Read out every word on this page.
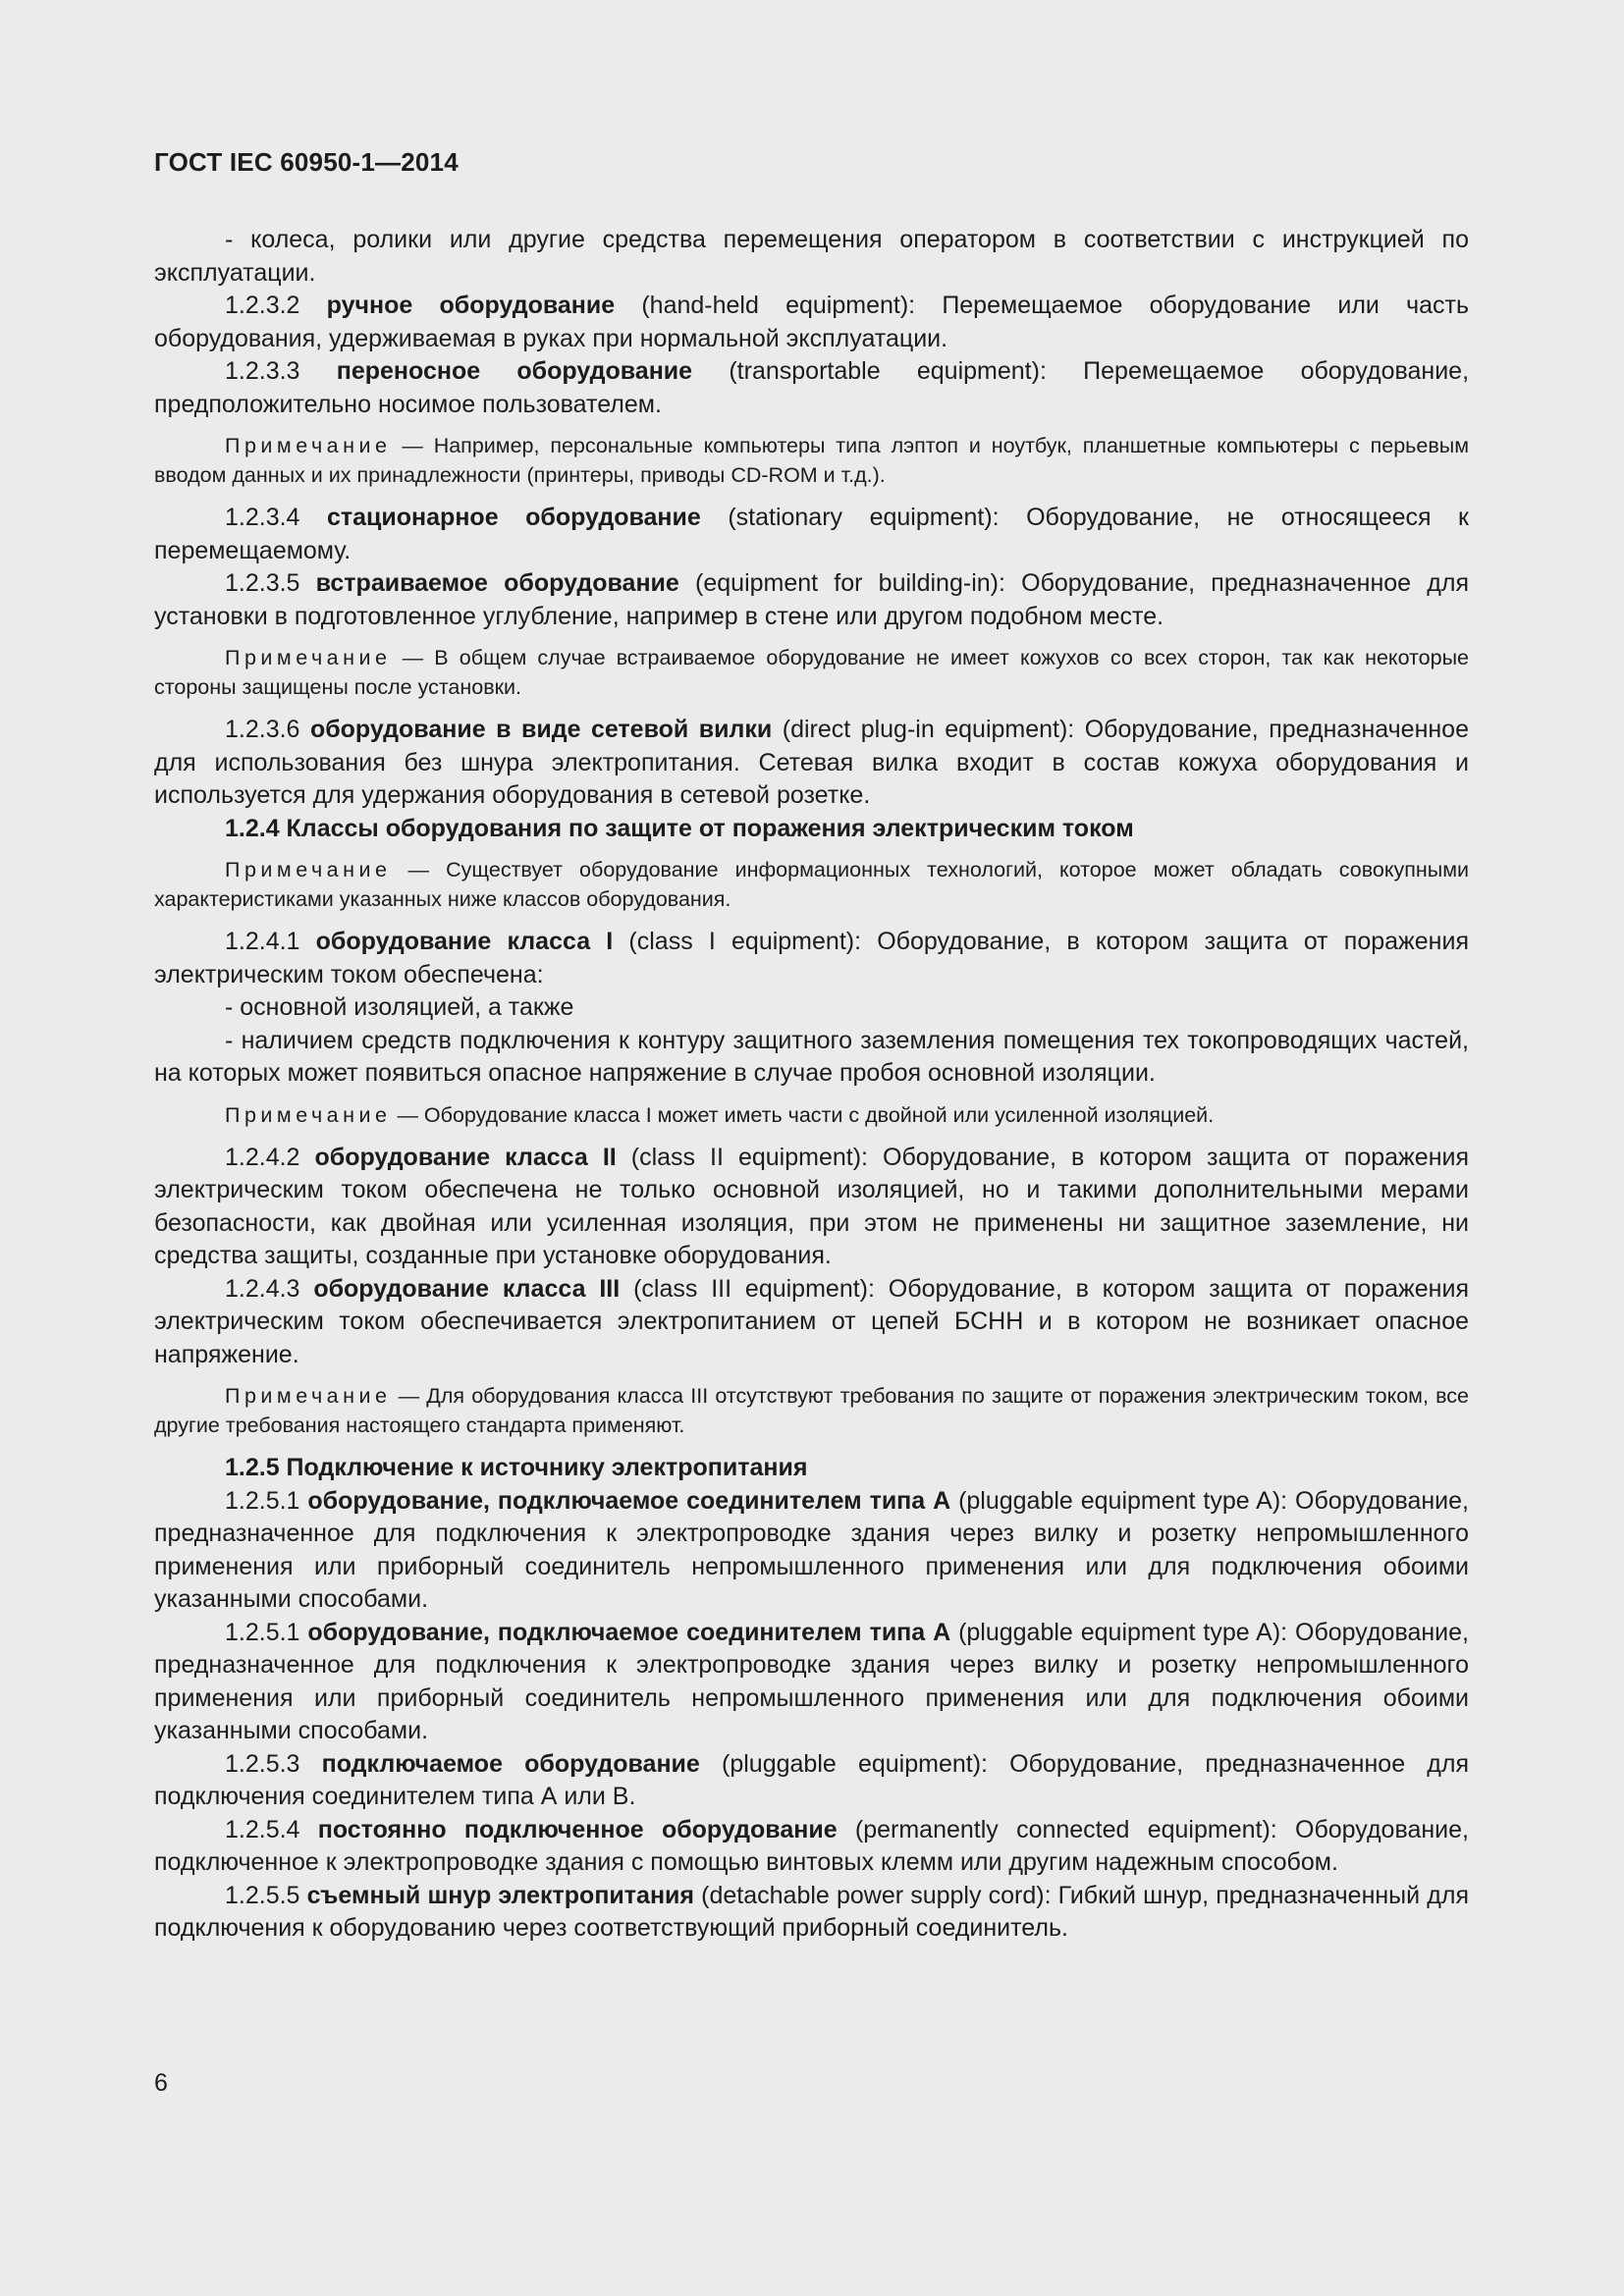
ГОСТ IEC 60950-1—2014
- колеса, ролики или другие средства перемещения оператором в соответствии с инструкцией по эксплуатации.
1.2.3.2 ручное оборудование (hand-held equipment): Перемещаемое оборудование или часть оборудования, удерживаемая в руках при нормальной эксплуатации.
1.2.3.3 переносное оборудование (transportable equipment): Перемещаемое оборудование, предположительно носимое пользователем.
Примечание — Например, персональные компьютеры типа лэптоп и ноутбук, планшетные компьютеры с перьевым вводом данных и их принадлежности (принтеры, приводы CD-ROM и т.д.).
1.2.3.4 стационарное оборудование (stationary equipment): Оборудование, не относящееся к перемещаемому.
1.2.3.5 встраиваемое оборудование (equipment for building-in): Оборудование, предназначенное для установки в подготовленное углубление, например в стене или другом подобном месте.
Примечание — В общем случае встраиваемое оборудование не имеет кожухов со всех сторон, так как некоторые стороны защищены после установки.
1.2.3.6 оборудование в виде сетевой вилки (direct plug-in equipment): Оборудование, предназначенное для использования без шнура электропитания. Сетевая вилка входит в состав кожуха оборудования и используется для удержания оборудования в сетевой розетке.
1.2.4 Классы оборудования по защите от поражения электрическим током
Примечание — Существует оборудование информационных технологий, которое может обладать совокупными характеристиками указанных ниже классов оборудования.
1.2.4.1 оборудование класса I (class I equipment): Оборудование, в котором защита от поражения электрическим током обеспечена:
- основной изоляцией, а также
- наличием средств подключения к контуру защитного заземления помещения тех токопроводящих частей, на которых может появиться опасное напряжение в случае пробоя основной изоляции.
Примечание — Оборудование класса I может иметь части с двойной или усиленной изоляцией.
1.2.4.2 оборудование класса II (class II equipment): Оборудование, в котором защита от поражения электрическим током обеспечена не только основной изоляцией, но и такими дополнительными мерами безопасности, как двойная или усиленная изоляция, при этом не применены ни защитное заземление, ни средства защиты, созданные при установке оборудования.
1.2.4.3 оборудование класса III (class III equipment): Оборудование, в котором защита от поражения электрическим током обеспечивается электропитанием от цепей БСНН и в котором не возникает опасное напряжение.
Примечание — Для оборудования класса III отсутствуют требования по защите от поражения электрическим током, все другие требования настоящего стандарта применяют.
1.2.5 Подключение к источнику электропитания
1.2.5.1 оборудование, подключаемое соединителем типа А (pluggable equipment type A): Оборудование, предназначенное для подключения к электропроводке здания через вилку и розетку непромышленного применения или приборный соединитель непромышленного применения или для подключения обоими указанными способами.
1.2.5.1 оборудование, подключаемое соединителем типа А (pluggable equipment type A): Оборудование, предназначенное для подключения к электропроводке здания через вилку и розетку непромышленного применения или приборный соединитель непромышленного применения или для подключения обоими указанными способами.
1.2.5.3 подключаемое оборудование (pluggable equipment): Оборудование, предназначенное для подключения соединителем типа А или В.
1.2.5.4 постоянно подключенное оборудование (permanently connected equipment): Оборудование, подключенное к электропроводке здания с помощью винтовых клемм или другим надежным способом.
1.2.5.5 съемный шнур электропитания (detachable power supply cord): Гибкий шнур, предназначенный для подключения к оборудованию через соответствующий приборный соединитель.
6
